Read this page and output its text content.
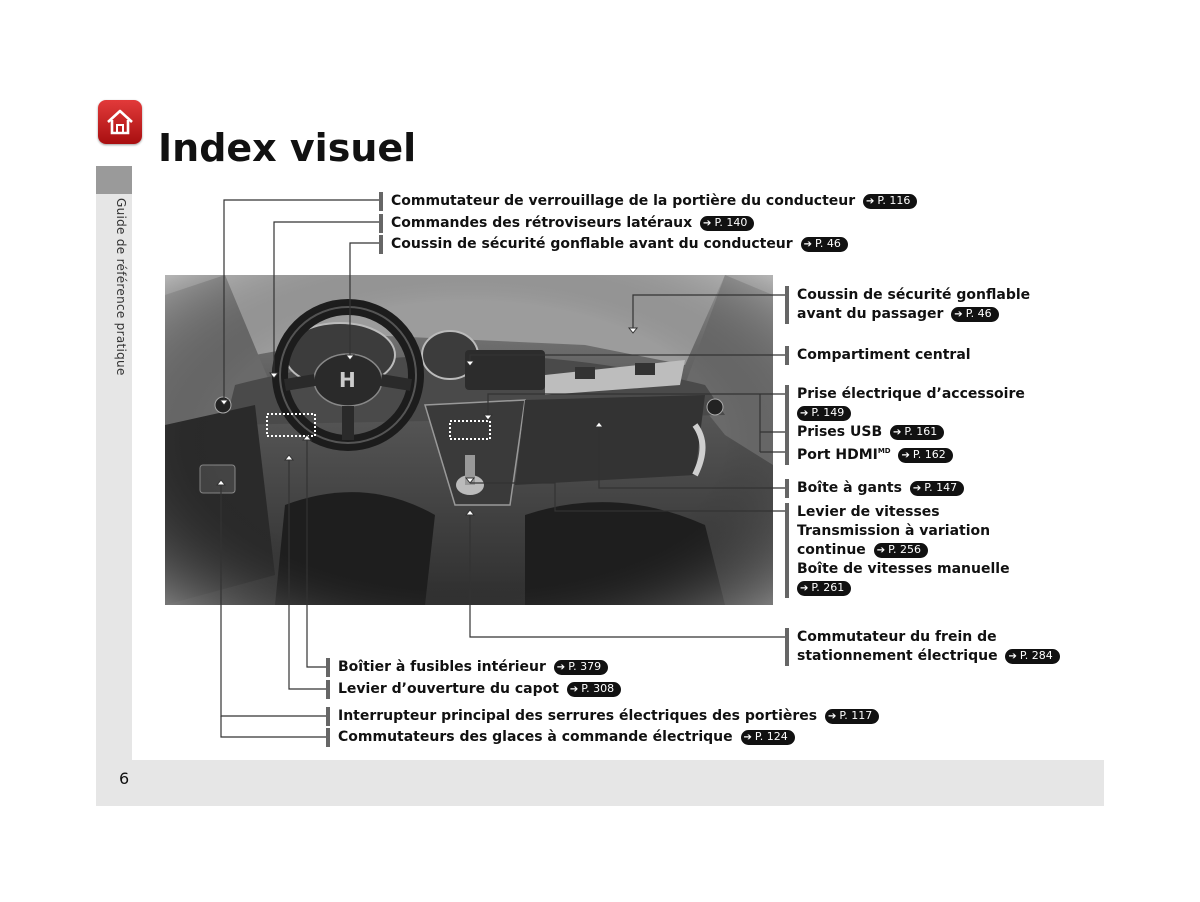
Guide de référence pratique
6
Index visuel
Commutateur de verrouillage de la portière du conducteur ➔ P. 116
Commandes des rétroviseurs latéraux ➔ P. 140
Coussin de sécurité gonflable avant du conducteur ➔ P. 46
Coussin de sécurité gonflable
avant du passager ➔ P. 46
Compartiment central
Prise électrique d’accessoire
➔ P. 149
Prises USB ➔ P. 161
Port $HDMI^{MD}$ ➔ P. 162
Boîte à gants ➔ P. 147
Levier de vitesses
Transmission à variation
continue ➔ P. 256
Boîte de vitesses manuelle
➔ P. 261
Commutateur du frein de
stationnement électrique ➔ P. 284
Boîtier à fusibles intérieur ➔ P. 379
Levier d’ouverture du capot ➔ P. 308
Interrupteur principal des serrures électriques des portières ➔ P. 117
Commutateurs des glaces à commande électrique ➔ P. 124
